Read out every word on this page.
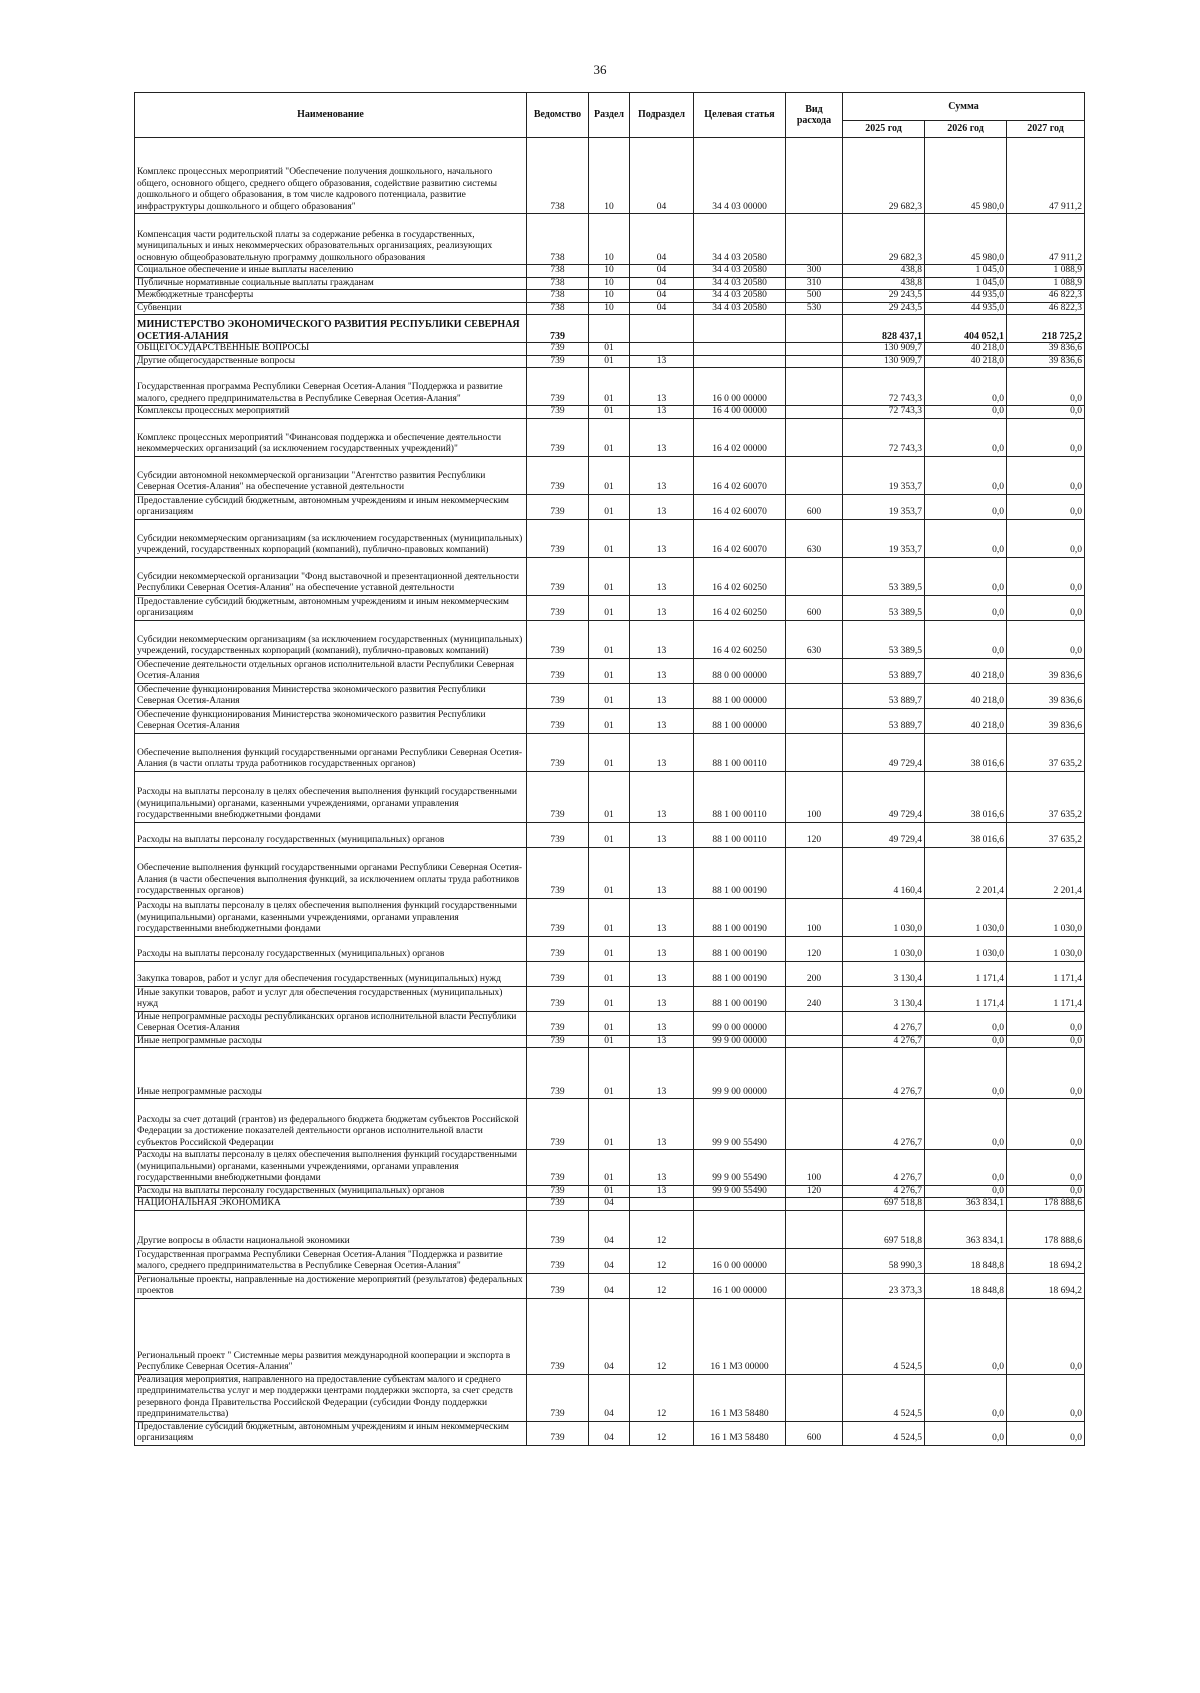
36
Наименование	Ведомство	Раздел	Подраздел	Целевая статья	Вид расхода	Сумма		
						2025 год	2026 год	2027 год
Комплекс процессных мероприятий "Обеспечение получения дошкольного, начального общего, основного общего, среднего общего образования, содействие развитию системы дошкольного и общего образования, в том числе кадрового потенциала, развитие инфраструктуры дошкольного и общего образования"	738	10	04	34 4 03 00000		29 682,3	45 980,0	47 911,2
Компенсация части родительской платы за содержание ребенка в государственных, муниципальных и иных некоммерческих образовательных организациях, реализующих основную общеобразовательную программу дошкольного образования	738	10	04	34 4 03 20580		29 682,3	45 980,0	47 911,2
Социальное обеспечение и иные выплаты населению	738	10	04	34 4 03 20580	300	438,8	1 045,0	1 088,9
Публичные нормативные социальные выплаты гражданам	738	10	04	34 4 03 20580	310	438,8	1 045,0	1 088,9
Межбюджетные трансферты	738	10	04	34 4 03 20580	500	29 243,5	44 935,0	46 822,3
Субвенции	738	10	04	34 4 03 20580	530	29 243,5	44 935,0	46 822,3
МИНИСТЕРСТВО ЭКОНОМИЧЕСКОГО РАЗВИТИЯ РЕСПУБЛИКИ СЕВЕРНАЯ ОСЕТИЯ-АЛАНИЯ	739					828 437,1	404 052,1	218 725,2
ОБЩЕГОСУДАРСТВЕННЫЕ ВОПРОСЫ	739	01				130 909,7	40 218,0	39 836,6
Другие общегосударственные вопросы	739	01	13			130 909,7	40 218,0	39 836,6
Государственная программа Республики Северная Осетия-Алания "Поддержка и развитие малого, среднего предпринимательства в Республике Северная Осетия-Алания"	739	01	13	16 0 00 00000		72 743,3	0,0	0,0
Комплексы процессных мероприятий	739	01	13	16 4 00 00000		72 743,3	0,0	0,0
Комплекс процессных мероприятий "Финансовая поддержка и обеспечение деятельности некоммерческих организаций (за исключением государственных учреждений)"	739	01	13	16 4 02 00000		72 743,3	0,0	0,0
Субсидии автономной некоммерческой организации "Агентство развития Республики Северная Осетия-Алания" на обеспечение уставной деятельности	739	01	13	16 4 02 60070		19 353,7	0,0	0,0
Предоставление субсидий бюджетным, автономным учреждениям и иным некоммерческим организациям	739	01	13	16 4 02 60070	600	19 353,7	0,0	0,0
Субсидии некоммерческим организациям (за исключением государственных (муниципальных) учреждений, государственных корпораций (компаний), публично-правовых компаний)	739	01	13	16 4 02 60070	630	19 353,7	0,0	0,0
Субсидии некоммерческой организации "Фонд выставочной и презентационной деятельности Республики Северная Осетия-Алания" на обеспечение уставной деятельности	739	01	13	16 4 02 60250		53 389,5	0,0	0,0
Предоставление субсидий бюджетным, автономным учреждениям и иным некоммерческим организациям	739	01	13	16 4 02 60250	600	53 389,5	0,0	0,0
Субсидии некоммерческим организациям (за исключением государственных (муниципальных) учреждений, государственных корпораций (компаний), публично-правовых компаний)	739	01	13	16 4 02 60250	630	53 389,5	0,0	0,0
Обеспечение деятельности отдельных органов исполнительной власти Республики Северная Осетия-Алания	739	01	13	88 0 00 00000		53 889,7	40 218,0	39 836,6
Обеспечение функционирования Министерства экономического развития Республики Северная Осетия-Алания	739	01	13	88 1 00 00000		53 889,7	40 218,0	39 836,6
Обеспечение функционирования Министерства экономического развития Республики Северная Осетия-Алания	739	01	13	88 1 00 00000		53 889,7	40 218,0	39 836,6
Обеспечение выполнения функций государственными органами Республики Северная Осетия-Алания (в части оплаты труда работников государственных органов)	739	01	13	88 1 00 00110		49 729,4	38 016,6	37 635,2
Расходы на выплаты персоналу в целях обеспечения выполнения функций государственными (муниципальными) органами, казенными учреждениями, органами управления государственными внебюджетными фондами	739	01	13	88 1 00 00110	100	49 729,4	38 016,6	37 635,2
Расходы на выплаты персоналу государственных (муниципальных) органов	739	01	13	88 1 00 00110	120	49 729,4	38 016,6	37 635,2
Обеспечение выполнения функций государственными органами Республики Северная Осетия-Алания (в части обеспечения выполнения функций, за исключением оплаты труда работников государственных органов)	739	01	13	88 1 00 00190		4 160,4	2 201,4	2 201,4
Расходы на выплаты персоналу в целях обеспечения выполнения функций государственными (муниципальными) органами, казенными учреждениями, органами управления государственными внебюджетными фондами	739	01	13	88 1 00 00190	100	1 030,0	1 030,0	1 030,0
Расходы на выплаты персоналу государственных (муниципальных) органов	739	01	13	88 1 00 00190	120	1 030,0	1 030,0	1 030,0
Закупка товаров, работ и услуг для обеспечения государственных (муниципальных) нужд	739	01	13	88 1 00 00190	200	3 130,4	1 171,4	1 171,4
Иные закупки товаров, работ и услуг для обеспечения государственных (муниципальных) нужд	739	01	13	88 1 00 00190	240	3 130,4	1 171,4	1 171,4
Иные непрограммные расходы республиканских органов исполнительной власти Республики Северная Осетия-Алания	739	01	13	99 0 00 00000		4 276,7	0,0	0,0
Иные непрограммные расходы	739	01	13	99 9 00 00000		4 276,7	0,0	0,0
Иные непрограммные расходы	739	01	13	99 9 00 00000		4 276,7	0,0	0,0
Расходы за счет дотаций (грантов) из федерального бюджета бюджетам субъектов Российской Федерации за достижение показателей деятельности органов исполнительной власти субъектов Российской Федерации	739	01	13	99 9 00 55490		4 276,7	0,0	0,0
Расходы на выплаты персоналу в целях обеспечения выполнения функций государственными (муниципальными) органами, казенными учреждениями, органами управления государственными внебюджетными фондами	739	01	13	99 9 00 55490	100	4 276,7	0,0	0,0
Расходы на выплаты персоналу государственных (муниципальных) органов	739	01	13	99 9 00 55490	120	4 276,7	0,0	0,0
НАЦИОНАЛЬНАЯ ЭКОНОМИКА	739	04				697 518,8	363 834,1	178 888,6
Другие вопросы в области национальной экономики	739	04	12			697 518,8	363 834,1	178 888,6
Государственная программа Республики Северная Осетия-Алания "Поддержка и развитие малого, среднего предпринимательства в Республике Северная Осетия-Алания"	739	04	12	16 0 00 00000		58 990,3	18 848,8	18 694,2
Региональные проекты, направленные на достижение мероприятий (результатов) федеральных проектов	739	04	12	16 1 00 00000		23 373,3	18 848,8	18 694,2
Региональный проект " Системные меры развития международной кооперации и экспорта в Республике Северная Осетия-Алания"	739	04	12	16 1 М3 00000		4 524,5	0,0	0,0
Реализация мероприятия, направленного на предоставление субъектам малого и среднего предпринимательства услуг и мер поддержки центрами поддержки экспорта, за счет средств резервного фонда Правительства Российской Федерации (субсидии Фонду поддержки предпринимательства)	739	04	12	16 1 М3 58480		4 524,5	0,0	0,0
Предоставление субсидий бюджетным, автономным учреждениям и иным некоммерческим организациям	739	04	12	16 1 М3 58480	600	4 524,5	0,0	0,0
